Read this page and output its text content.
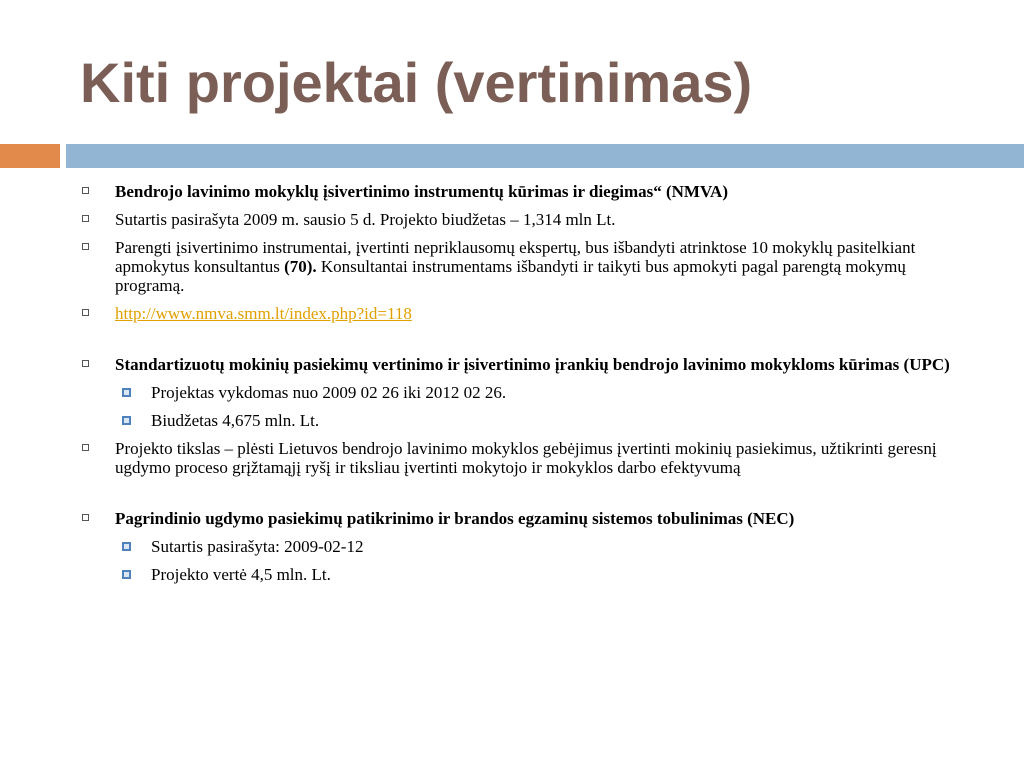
Kiti projektai (vertinimas)
Bendrojo lavinimo mokyklų įsivertinimo instrumentų kūrimas ir diegimas“ (NMVA)
Sutartis pasirašyta 2009 m. sausio 5 d. Projekto biudžetas – 1,314 mln Lt.
Parengti įsivertinimo instrumentai, įvertinti nepriklausomų ekspertų, bus išbandyti atrinktose 10 mokyklų pasitelkiant apmokytus konsultantus (70). Konsultantai instrumentams išbandyti ir taikyti bus apmokyti pagal parengtą mokymų programą.
http://www.nmva.smm.lt/index.php?id=118
Standartizuotų mokinių pasiekimų vertinimo ir įsivertinimo įrankių bendrojo lavinimo mokykloms kūrimas (UPC)
Projektas vykdomas nuo 2009 02 26 iki 2012 02 26.
Biudžetas 4,675 mln. Lt.
Projekto tikslas – plėsti Lietuvos bendrojo lavinimo mokyklos gebėjimus įvertinti mokinių pasiekimus, užtikrinti geresnį ugdymo proceso grįžtamąjį ryšį ir tiksliau įvertinti mokytojo ir mokyklos darbo efektyvumą
Pagrindinio ugdymo pasiekimų patikrinimo ir brandos egzaminų sistemos tobulinimas (NEC)
Sutartis pasirašyta: 2009-02-12
Projekto vertė 4,5 mln. Lt.
